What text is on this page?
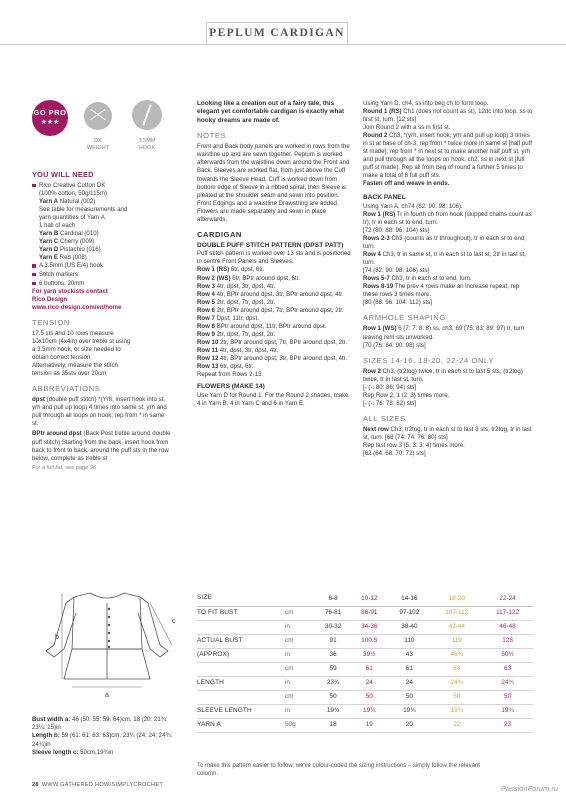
PEPLUM CARDIGAN
GO PRO
★★★
DK
WEIGHT
3.5MM
HOOK
YOU WILL NEED
Rico Creative Cotton DK
(100% cotton, 50g/115m)
Yarn A Natural (002)
See table for measurements and
yarn quantities of Yarn A
1 ball of each
Yarn B Cardinal (010)
Yarn C Cherry (009)
Yarn D Pistachio (016)
Yarn E Red (008)
A 3.5mm (US E/4) hook
Stitch markers
6 buttons, 20mm
For yarn stockists contact
Rico Design
www.rico-design.com/en/home
TENSION
17.5 sts and 10 rows measure
10x10cm (4x4in) over treble st using
a 3.5mm hook, or size needed to
obtain correct tension
Alternatively, measure the stitch
tension as 35sts over 20cm
ABBREVIATIONS
dpst (double puff stitch) *(Yrh, insert hook into st, yrh and pull up loop) 4 times into same st, yrh and pull through all loops on hook; rep from * in same st.
BPtr around dpst (Back Post treble around double puff stitch) Starting from the back, insert hook from back to front to back, around the puff sts in the row below, complete as treble st
For a full list, see page 96
Looking like a creation out of a fairy tale, this elegant yet comfortable cardigan is exactly what hooky dreams are made of.
NOTES
Front and Back body panels are worked in rows from the waistline up and are sewn together. Peplum is worked afterwards from the waistline down around the Front and Back. Sleeves are worked flat, from just above the Cuff towards the Sleeve Head. Cuff is worked down from bottom edge of Sleeve in a ribbed spiral, then Sleeve is pleated at the shoulder seam and sewn into position.
Front Edgings and a waistline Drawstring are added. Flowers are made separately and sewn in place afterwards.
CARDIGAN
DOUBLE PUFF STITCH PATTERN (DPST PATT)
Puff stitch pattern is worked over 13 sts and is positioned in centre Front Panels and Sleeves.
Row 1 (RS) 6tr, dpst, 6tr.
Row 2 (WS) 6tr, BPtr around dpst, 6tr.
Row 3 4tr, dpst, 3tr, dpst, 4tr.
Row 4 4tr, BPtr around dpst, 3tr, BPtr around dpst, 4tr.
Row 5 2tr, dpst, 7tr, dpst, 2tr.
Row 6 2tr, BPtr around dpst, 7tr, BPtr around dpst, 2tr.
Row 7 Dpst, 11tr, dpst.
Row 8 BPtr around dpst, 11tr, BPtr around dpst.
Row 9 2tr, dpst, 7tr, dpst, 2tr.
Row 10 2tr, BPtr around dpst, 7tr, BPtr around dpst, 2tr.
Row 11 4tr, dpst, 3tr, dpst, 4tr.
Row 12 4tr, BPtr around dpst, 3tr, BPtr around dpst, 4tr.
Row 13 6tr, dpst, 6tr.
Repeat from Rows 2-13.
FLOWERS (MAKE 14)
Use Yarn D for Round 1. For the Round 2 shades, make 4 in Yarn B, 4 in Yarn C and 6 in Yarn E.
Using Yarn D, ch4, ss into beg ch to form loop.
Round 1 (RS) Ch1 (does not count as st), 12dc into loop, ss to first st, turn. [12 sts]
Join Round 2 with a ss in first st.
Round 2 Ch3, *(yrh, insert hook, yrh and pull up loop) 3 times in st at base of ch-3; rep from * twice more in same st [half puff st made]; rep from * in next st to make another half puff st, yrh and pull through all the loops on hook, ch2, ss in next st [full puff st made]. Rep all from beg of round a further 5 times to make a total of 6 full puff sts.
Fasten off and weave in ends.
BACK PANEL
Using Yarn A, ch74 (82: 90: 98: 106).
Row 1 (RS) Tr in fourth ch from hook (skipped chains count as tr), tr in each st to end, turn.
[72 (80: 88: 96: 104) sts]
Rows 2-3 Ch3 (counts as tr throughout), tr in each st to end, turn.
Row 4 Ch3, tr in same st, tr in each st to last st, 2tr in last st, turn.
[74 (82: 90: 98: 106) sts]
Rows 5-7 Ch3, tr in each st to end, turn.
Rows 8-19 The prev 4 rows make an increase repeat; rep these rows 3 times more.
[80 (88: 96: 104: 112) sts]
ARMHOLE SHAPING
Row 1 (WS) 6 (7: 7: 8: 8) ss, ch3, 69 (75: 83: 89: 97) tr, turn leaving rem sts unworked.
[70 (76: 84: 90: 98) sts]
SIZES 14-16, 18-20, 22-24 ONLY
Row 2 Ch3, (tr2tog) twice, tr in each st to last 5 sts, (tr2tog) twice, tr in last st, turn.
[- (-: 80: 86: 94) sts]
Rep Row 2, 1 (2: 3) times more.
[- (-: 76: 78: 82) sts]
ALL SIZES
Next row Ch3, tr2tog, tr in each st to last 3 sts, tr2tog, tr in last st, turn. [68 (74: 74: 76: 80) sts]
Rep last row 3 (5: 3: 3: 4) times more.
[62 (64: 68: 70: 72) sts]
b
a
c
Bust width a: 46 (50: 55: 59: 64)cm, 18 (20: 21¾: 23¼: 25)in
Length b: 59 (61: 61: 63: 63)cm, 23¼ (24: 24: 24¾: 24¾)in
Sleeve length c: 50cm,19¾in
SIZE		6-8	10-12	14-16	18-20	22-24
TO FIT BUST	cm	76-81	86-91	97-102	107-112	117-122
	in	30-32	34-36	38-40	42-44	46-48
ACTUAL BUST	cm	91	100.5	110	119	128
(APPROX)	in	36	39½	43	46¾	50½
	cm	59	61	61	63	63
LENGTH	in	23¼	24	24	24¾	24¾
	cm	50	50	50	50	50
SLEEVE LENGTH	in	19¾	19¾	19¾	19¾	19¾
YARN A	50g	18	19	20	22	23
To make this pattern easier to follow, we've colour-coded the sizing instructions – simply follow the relevant column.
28 WWW.GATHERED.HOW/SIMPLYCROCHET	PassionForum.ru
